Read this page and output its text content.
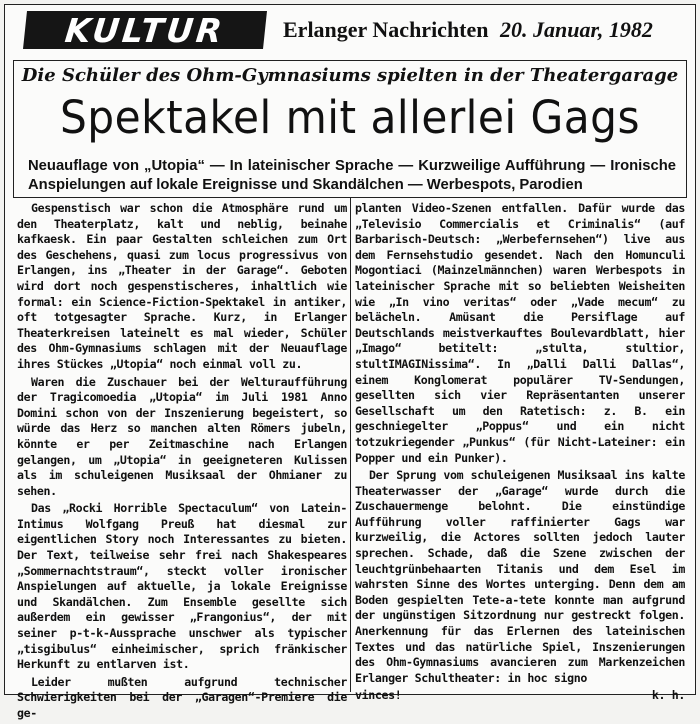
KULTUR	Erlanger Nachrichten 20. Januar, 1982
Die Schüler des Ohm-Gymnasiums spielten in der Theatergarage
Spektakel mit allerlei Gags
Neuauflage von „Utopia“ — In lateinischer Sprache — Kurzweilige Aufführung — Ironische Anspielungen auf lokale Ereignisse und Skandälchen — Werbespots, Parodien

Gespenstisch war schon die Atmosphäre rund um den Theaterplatz, kalt und neblig, beinahe kafkaesk. Ein paar Gestalten schleichen zum Ort des Geschehens, quasi zum locus progressivus von Erlangen, ins „Theater in der Garage“. Geboten wird dort noch gespenstischeres, inhaltlich wie formal: ein Science-Fiction-Spektakel in antiker, oft totgesagter Sprache. Kurz, in Erlanger Theaterkreisen lateinelt es mal wieder, Schüler des Ohm-Gymnasiums schlagen mit der Neuauflage ihres Stückes „Utopia“ noch einmal voll zu.

Waren die Zuschauer bei der Welturaufführung der Tragicomoedia „Utopia“ im Juli 1981 Anno Domini schon von der Inszenierung begeistert, so würde das Herz so manchen alten Römers jubeln, könnte er per Zeitmaschine nach Erlangen gelangen, um „Utopia“ in geeigneteren Kulissen als im schuleigenen Musiksaal der Ohmianer zu sehen.

Das „Rocki Horrible Spectaculum“ von Latein-Intimus Wolfgang Preuß hat diesmal zur eigentlichen Story noch Interessantes zu bieten. Der Text, teilweise sehr frei nach Shakespeares „Sommernachtstraum“, steckt voller ironischer Anspielungen auf aktuelle, ja lokale Ereignisse und Skandälchen. Zum Ensemble gesellte sich außerdem ein gewisser „Frangonius“, der mit seiner p-t-k-Aussprache unschwer als typischer „tisgibulus“ einheimischer, sprich fränkischer Herkunft zu entlarven ist.

Leider mußten aufgrund technischer Schwierigkeiten bei der „Garagen“-Premiere die ge-

planten Video-Szenen entfallen. Dafür wurde das „Televisio Commercialis et Criminalis“ (auf Barbarisch-Deutsch: „Werbefernsehen“) live aus dem Fernsehstudio gesendet. Nach den Homunculi Mogontiaci (Mainzelmännchen) waren Werbespots in lateinischer Sprache mit so beliebten Weisheiten wie „In vino veritas“ oder „Vade mecum“ zu belächeln. Amüsant die Persiflage auf Deutschlands meistverkauftes Boulevardblatt, hier „Imago“ betitelt: „stulta, stultior, stultIMAGINissima“. In „Dalli Dalli Dallas“, einem Konglomerat populärer TV-Sendungen, gesellten sich vier Repräsentanten unserer Gesellschaft um den Ratetisch: z. B. ein geschniegelter „Poppus“ und ein nicht totzukriegender „Punkus“ (für Nicht-Lateiner: ein Popper und ein Punker).

Der Sprung vom schuleigenen Musiksaal ins kalte Theaterwasser der „Garage“ wurde durch die Zuschauermenge belohnt. Die einstündige Aufführung voller raffinierter Gags war kurzweilig, die Actores sollten jedoch lauter sprechen. Schade, daß die Szene zwischen der leuchtgrünbehaarten Titanis und dem Esel im wahrsten Sinne des Wortes unterging. Denn dem am Boden gespielten Tete-a-tete konnte man aufgrund der ungünstigen Sitzordnung nur gestreckt folgen. Anerkennung für das Erlernen des lateinischen Textes und das natürliche Spiel, Inszenierungen des Ohm-Gymnasiums avancieren zum Markenzeichen Erlanger Schultheater: in hoc signo

vinces!	k. h.
